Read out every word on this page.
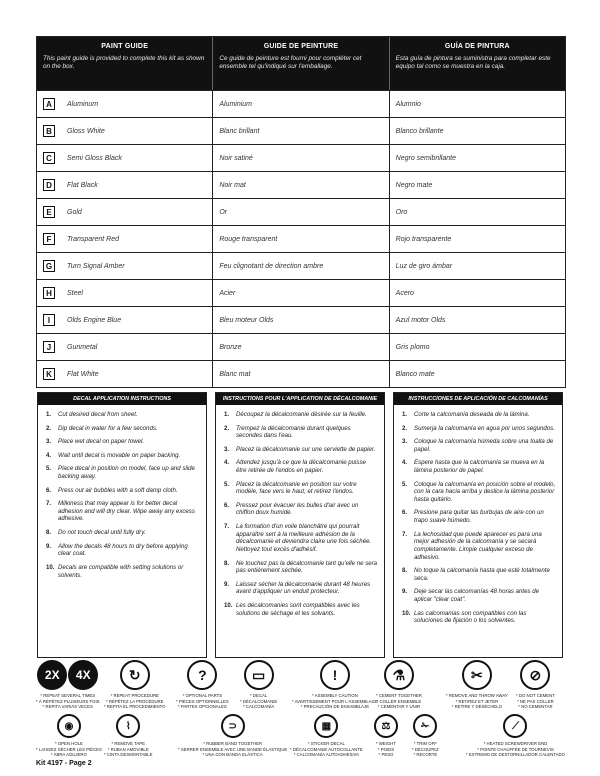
PAINT GUIDE
This paint guide is provided to complete this kit as shown on the box.
GUIDE DE PEINTURE
Ce guide de peinture est fourni pour compléter cet ensemble tel qu'indiqué sur l'emballage.
GUÍA DE PINTURA
Esta guía de pintura se suministra para completar este equipo tal como se muestra en la caja.
A	Aluminum	Aluminium	Alumnio
B	Gloss White	Blanc brillant	Blanco brillante
C	Semi Gloss Black	Noir satiné	Negro semibrillante
D	Flat Black	Noir mat	Negro mate
E	Gold	Or	Oro
F	Transparent Red	Rouge transparent	Rojo transparente
G	Turn Signal Amber	Feu clignotant de direction ambre	Luz de giro ámbar
H	Steel	Acier	Acero
I	Olds Engine Blue	Bleu moteur Olds	Azul motor Olds
J	Gunmetal	Bronze	Gris plomo
K	Flat White	Blanc mat	Blanco mate
DECAL APPLICATION INSTRUCTIONS
1.	Cut desired decal from sheet.
2.	Dip decal in water for a few seconds.
3.	Place wet decal on paper towel.
4.	Wait until decal is movable on paper backing.
5.	Place decal in position on model, face up and slide backing away.
6.	Press out air bubbles with a soft damp cloth.
7.	Milkiness that may appear is for better decal adhesion and will dry clear. Wipe away any excess adhesive.
8.	Do not touch decal until fully dry.
9.	Allow the decals 48 hours to dry before applying clear coat.
10. Decals are compatible with setting solutions or solvents.
INSTRUCTIONS POUR L'APPLICATION DE DÉCALCOMANIE
1.	Découpez la décalcomanie désirée sur la feuille.
2.	Trempez la décalcomanie durant quelques secondes dans l'eau.
3.	Placez la décalcomanie sur une serviette de papier.
4.	Attendez jusqu'à ce que la décalcomanie puisse être retirée de l'endos en papier.
5.	Placez la décalcomanie en position sur votre modèle, face vers le haut, et retirez l'endos.
6.	Pressez pour évacuer les bulles d'air avec un chiffon doux humide.
7.	La formation d'un voile blanchâtre qui pourrait apparaître sert à la meilleure adhésion de la décalcomanie et deviendra claire une fois séchée. Nettoyez tout excès d'adhésif.
8.	Ne touchez pas la décalcomanie tant qu'elle ne sera pas entièrement séchée.
9.	Laissez sécher la décalcomanie durant 48 heures avant d'appliquer un enduit protecteur.
10. Les décalcomanies sont compatibles avec les solutions de séchage et les solvants.
INSTRUCCIONES DE APLICACIÓN DE CALCOMANÍAS
1.	Corte la calcomanía deseada de la lámina.
2.	Sumerja la calcomanía en agua por unos segundos.
3.	Coloque la calcomanía húmeda sobre una toalla de papel.
4.	Espere hasta que la calcomanía se mueva en la lámina posterior de papel.
5.	Coloque la calcomanía en posición sobre el modelo, con la cara hacia arriba y deslice la lámina posterior hasta quitarlo.
6.	Presione para quitar las burbujas de aire con un trapo suave húmedo.
7.	La lechosidad que puede aparecer es para una mejor adhesión de la calcomanía y se secará completamente. Limpie cualquier exceso de adhesivo.
8.	No toque la calcomanía hasta que esté totalmente seca.
9.	Deje secar las calcomanías 48 horas antes de aplicar "clear coat".
10. Las calcomanías son compatibles con las soluciones de fijación o los solventes.
2X	4X
* REPEAT SEVERAL TIMES
* À RÉPÉTEZ PLUSIEURS FOIS
* REPITA VARIAS VECES
↻
* REPEAT PROCEDURE
* RÉPÉTEZ LA PROCÉDURE
* REPITA EL PROCEDIMIENTO
?
* OPTIONAL PARTS
* PIÈCES OPTIONNELLES
* PARTES OPCIONALES
▭
* DECAL
* DÉCALCOMANIE
* CALCOMANÍA
!
* ASSEMBLY CAUTION
* AVERTISSEMENT POUR L'ASSEMBLAGE
* PRECAUCIÓN DE ENSAMBLAJE
⚗
* CEMENT TOGETHER
* COLLER ENSEMBLE
* CEMENTAR Y UNIR
✂
* REMOVE AND THROW AWAY
* RETIREZ ET JETER
* RETIRE Y DESÉCHELO
⊘
* DO NOT CEMENT
* NE PAS COLLER
* NO CEMENTAR
◉
* OPEN HOLE
* LAISSEZ SÉCHER LES PIÈCES
* ABRA AGUJERO
⌇
* REMOVE TAPE
* RUBAN AMOVIBLE
* CINTA DESMONTABLE
⊃
* RUBBER BAND TOGETHER
* SERRER ENSEMBLE AVEC UNE BANDE ÉLASTIQUE
* UNA CON BANDA ELÁSTICA
▦
* STICKER DECAL
* DÉCALCOMANIE AUTOCOLLANTE
* CALCOMANÍA AUTOADHESIVA
⚖
* WEIGHT
* POIDS
* PESO
✁
* TRIM OFF
* DÉCOUPEZ
* RECORTE
⟋
* HEATED SCREWDRIVER END
* POINTE CHAUFFÉE DE TOURNEVIS
* EXTREMO DE DESTORNILLADOR CALENTADO
Kit 4197 - Page 2
